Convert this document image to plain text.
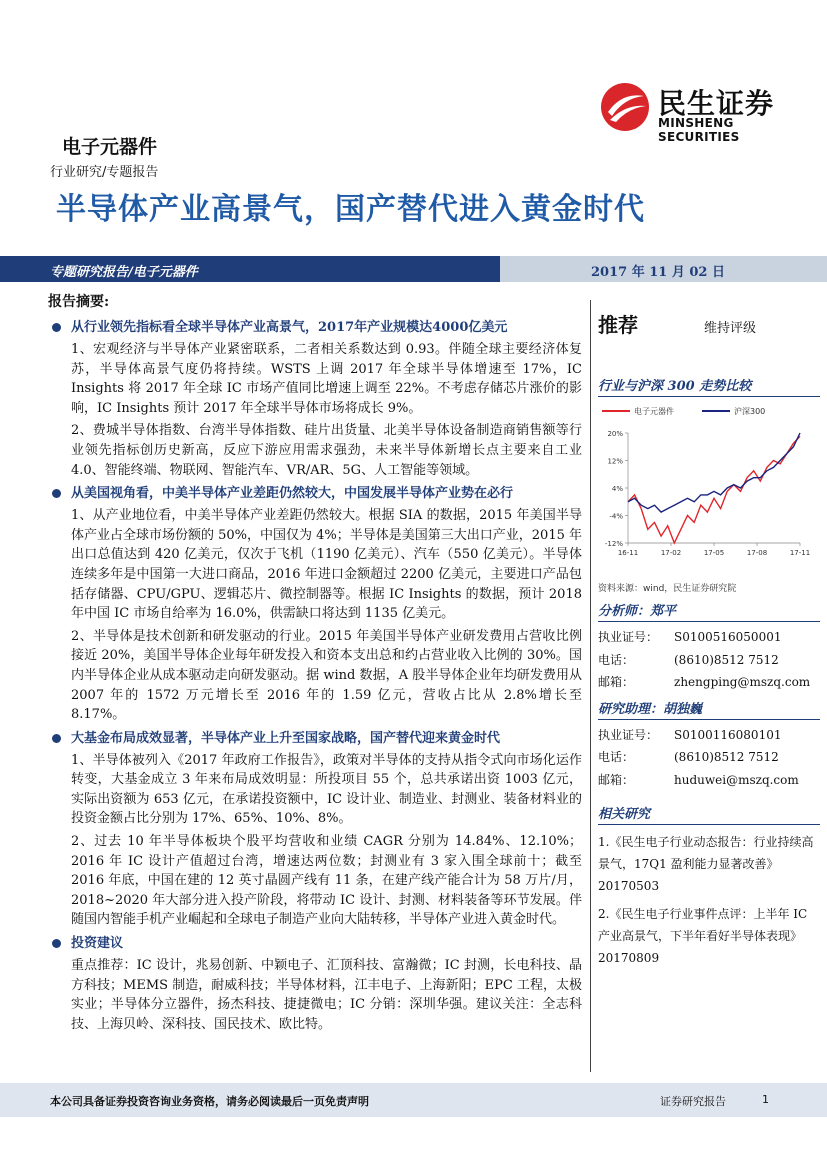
民生证券
MINSHENG SECURITIES
电子元器件
行业研究/专题报告
半导体产业高景气，国产替代进入黄金时代
专题研究报告/电子元器件	2017 年 11 月 02 日
报告摘要:
从行业领先指标看全球半导体产业高景气，2017年产业规模达4000亿美元
1、宏观经济与半导体产业紧密联系，二者相关系数达到 0.93。伴随全球主要经济体复苏，半导体高景气度仍将持续。WSTS 上调 2017 年全球半导体增速至 17%，IC Insights 将 2017 年全球 IC 市场产值同比增速上调至 22%。不考虑存储芯片涨价的影响，IC Insights 预计 2017 年全球半导体市场将成长 9%。
2、费城半导体指数、台湾半导体指数、硅片出货量、北美半导体设备制造商销售额等行业领先指标创历史新高，反应下游应用需求强劲，未来半导体新增长点主要来自工业 4.0、智能终端、物联网、智能汽车、VR/AR、5G、人工智能等领域。
从美国视角看，中美半导体产业差距仍然较大，中国发展半导体产业势在必行
1、从产业地位看，中美半导体产业差距仍然较大。根据 SIA 的数据，2015 年美国半导体产业占全球市场份额的 50%，中国仅为 4%；半导体是美国第三大出口产业，2015 年出口总值达到 420 亿美元，仅次于飞机（1190 亿美元）、汽车（550 亿美元）。半导体连续多年是中国第一大进口商品，2016 年进口金额超过 2200 亿美元，主要进口产品包括存储器、CPU/GPU、逻辑芯片、微控制器等。根据 IC Insights 的数据，预计 2018 年中国 IC 市场自给率为 16.0%，供需缺口将达到 1135 亿美元。
2、半导体是技术创新和研发驱动的行业。2015 年美国半导体产业研发费用占营收比例接近 20%，美国半导体企业每年研发投入和资本支出总和约占营业收入比例的 30%。国内半导体企业从成本驱动走向研发驱动。据 wind 数据，A 股半导体企业年均研发费用从 2007 年的 1572 万元增长至 2016 年的 1.59 亿元，营收占比从 2.8%增长至 8.17%。
大基金布局成效显著，半导体产业上升至国家战略，国产替代迎来黄金时代
1、半导体被列入《2017 年政府工作报告》，政策对半导体的支持从指令式向市场化运作转变，大基金成立 3 年来布局成效明显：所投项目 55 个，总共承诺出资 1003 亿元，实际出资额为 653 亿元，在承诺投资额中，IC 设计业、制造业、封测业、装备材料业的投资金额占比分别为 17%、65%、10%、8%。
2、过去 10 年半导体板块个股平均营收和业绩 CAGR 分别为 14.84%、12.10%；2016 年 IC 设计产值超过台湾，增速达两位数；封测业有 3 家入围全球前十；截至 2016 年底，中国在建的 12 英寸晶圆产线有 11 条，在建产线产能合计为 58 万片/月，2018~2020 年大部分进入投产阶段，将带动 IC 设计、封测、材料装备等环节发展。伴随国内智能手机产业崛起和全球电子制造产业向大陆转移，半导体产业进入黄金时代。
投资建议
重点推荐：IC 设计，兆易创新、中颖电子、汇顶科技、富瀚微；IC 封测，长电科技、晶方科技；MEMS 制造，耐威科技；半导体材料，江丰电子、上海新阳；EPC 工程，太极实业；半导体分立器件，扬杰科技、捷捷微电；IC 分销：深圳华强。建议关注：全志科技、上海贝岭、深科技、国民技术、欧比特。
推荐	维持评级
行业与沪深 300 走势比较
电子元器件	沪深300
20%
12%
4%
-4%
-12%
16-11	17-02	17-05	17-08	17-11
资料来源：wind，民生证券研究院
分析师：郑平
执业证号：	S0100516050001
电话：	(8610)8512 7512
邮箱：	zhengping@mszq.com
研究助理：胡独巍
执业证号：	S0100116080101
电话：	(8610)8512 7512
邮箱：	huduwei@mszq.com
相关研究
1.《民生电子行业动态报告：行业持续高景气，17Q1 盈利能力显著改善》
20170503
2.《民生电子行业事件点评：上半年 IC 产业高景气，下半年看好半导体表现》
20170809
本公司具备证券投资咨询业务资格，请务必阅读最后一页免责声明	证券研究报告	1
